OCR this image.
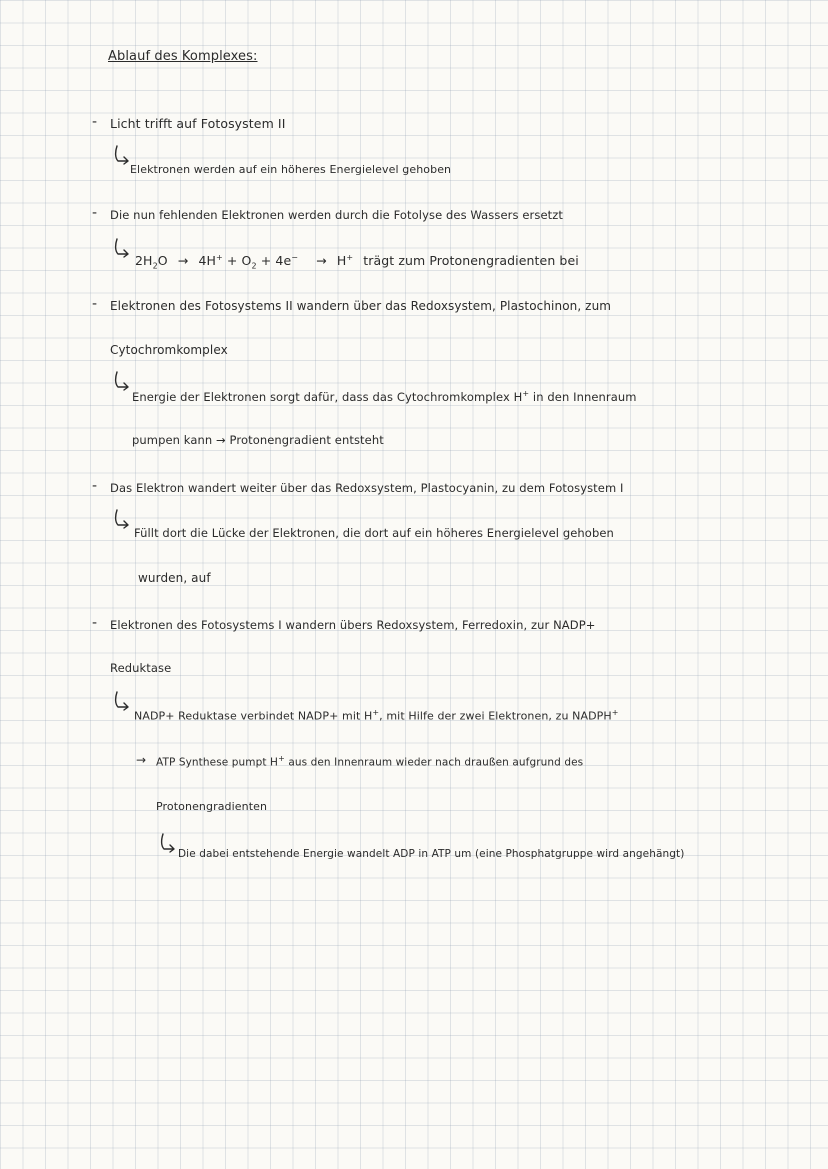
Ablauf des Komplexes:
- Licht trifft auf Fotosystem II
Elektronen werden auf ein höheres Energielevel gehoben
- Die nun fehlenden Elektronen werden durch die Fotolyse des Wassers ersetzt
$2H_2O \to 4H^+ + O_2 + 4e^- \to H^+$ trägt zum Protonengradienten bei
- Elektronen des Fotosystems II wandern über das Redoxsystem, Plastochinon, zum
Cytochromkomplex
Energie der Elektronen sorgt dafür, dass das Cytochromkomplex H+ in den Innenraum
pumpen kann → Protonengradient entsteht
- Das Elektron wandert weiter über das Redoxsystem, Plastocyanin, zu dem Fotosystem I
Füllt dort die Lücke der Elektronen, die dort auf ein höheres Energielevel gehoben
wurden, auf
- Elektronen des Fotosystems I wandern übers Redoxsystem, Ferredoxin, zur NADP+
Reduktase
NADP+ Reduktase verbindet NADP+ mit H+, mit Hilfe der zwei Elektronen, zu NADPH+
→ ATP Synthese pumpt H+ aus den Innenraum wieder nach draußen aufgrund des
Protonengradienten
Die dabei entstehende Energie wandelt ADP in ATP um (eine Phosphatgruppe wird angehängt)
